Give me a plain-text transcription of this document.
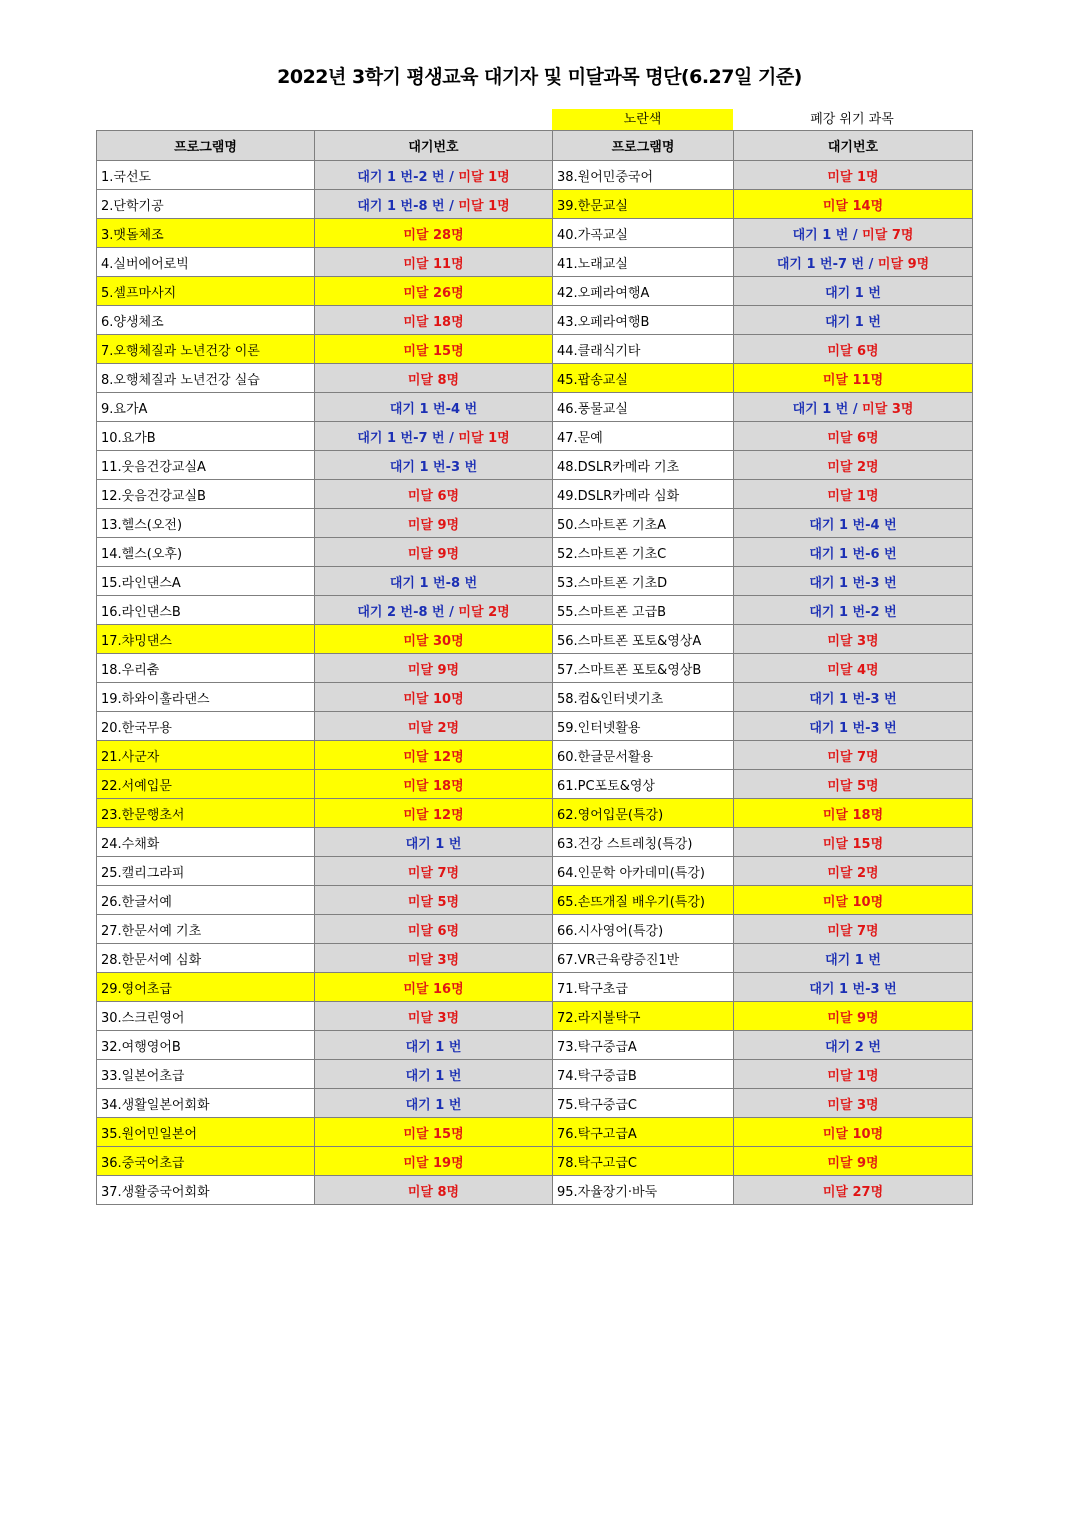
2022년 3학기 평생교육 대기자 및 미달과목 명단(6.27일 기준)
노란색	폐강 위기 과목
프로그램명	대기번호	프로그램명	대기번호
1.국선도	대기 1 번-2 번 / 미달 1명	38.원어민중국어	미달 1명
2.단학기공	대기 1 번-8 번 / 미달 1명	39.한문교실	미달 14명
3.맷돌체조	미달 28명	40.가곡교실	대기 1 번 / 미달 7명
4.실버에어로빅	미달 11명	41.노래교실	대기 1 번-7 번 / 미달 9명
5.셀프마사지	미달 26명	42.오페라여행A	대기 1 번
6.양생체조	미달 18명	43.오페라여행B	대기 1 번
7.오행체질과 노년건강 이론	미달 15명	44.클래식기타	미달 6명
8.오행체질과 노년건강 실습	미달 8명	45.팝송교실	미달 11명
9.요가A	대기 1 번-4 번	46.풍물교실	대기 1 번 / 미달 3명
10.요가B	대기 1 번-7 번 / 미달 1명	47.문예	미달 6명
11.웃음건강교실A	대기 1 번-3 번	48.DSLR카메라 기초	미달 2명
12.웃음건강교실B	미달 6명	49.DSLR카메라 심화	미달 1명
13.헬스(오전)	미달 9명	50.스마트폰 기초A	대기 1 번-4 번
14.헬스(오후)	미달 9명	52.스마트폰 기초C	대기 1 번-6 번
15.라인댄스A	대기 1 번-8 번	53.스마트폰 기초D	대기 1 번-3 번
16.라인댄스B	대기 2 번-8 번 / 미달 2명	55.스마트폰 고급B	대기 1 번-2 번
17.챠밍댄스	미달 30명	56.스마트폰 포토&영상A	미달 3명
18.우리춤	미달 9명	57.스마트폰 포토&영상B	미달 4명
19.하와이훌라댄스	미달 10명	58.컴&인터넷기초	대기 1 번-3 번
20.한국무용	미달 2명	59.인터넷활용	대기 1 번-3 번
21.사군자	미달 12명	60.한글문서활용	미달 7명
22.서예입문	미달 18명	61.PC포토&영상	미달 5명
23.한문행초서	미달 12명	62.영어입문(특강)	미달 18명
24.수채화	대기 1 번	63.건강 스트레칭(특강)	미달 15명
25.캘리그라피	미달 7명	64.인문학 아카데미(특강)	미달 2명
26.한글서예	미달 5명	65.손뜨개질 배우기(특강)	미달 10명
27.한문서예 기초	미달 6명	66.시사영어(특강)	미달 7명
28.한문서예 심화	미달 3명	67.VR근육량증진1반	대기 1 번
29.영어초급	미달 16명	71.탁구초급	대기 1 번-3 번
30.스크린영어	미달 3명	72.라지볼탁구	미달 9명
32.여행영어B	대기 1 번	73.탁구중급A	대기 2 번
33.일본어초급	대기 1 번	74.탁구중급B	미달 1명
34.생활일본어회화	대기 1 번	75.탁구중급C	미달 3명
35.원어민일본어	미달 15명	76.탁구고급A	미달 10명
36.중국어초급	미달 19명	78.탁구고급C	미달 9명
37.생활중국어회화	미달 8명	95.자율장기·바둑	미달 27명
